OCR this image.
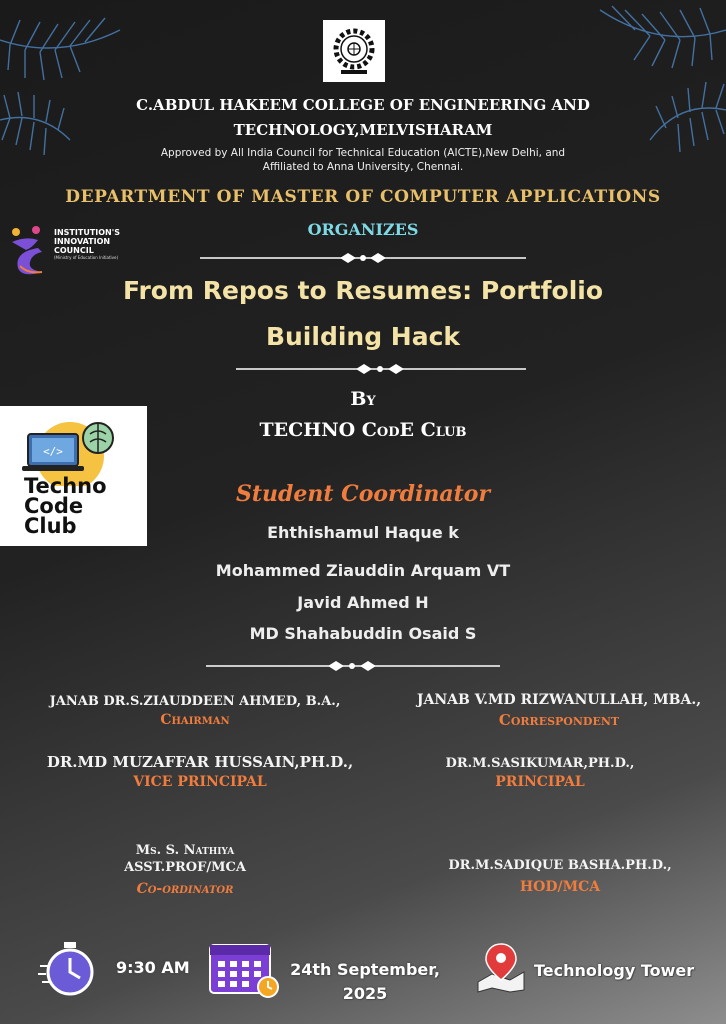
C.ABDUL HAKEEM COLLEGE OF ENGINEERING AND
TECHNOLOGY,MELVISHARAM
Approved by All India Council for Technical Education (AICTE),New Delhi, and
Affiliated to Anna University, Chennai.
DEPARTMENT OF MASTER OF COMPUTER APPLICATIONS
INSTITUTION'S
INNOVATION
COUNCIL
(Ministry of Education Initiative)
ORGANIZES
From Repos to Resumes: Portfolio
Building Hack
By
TECHNO CodE Club
</>
Techno
Code
Club
Student Coordinator
Ehthishamul Haque k
Mohammed Ziauddin Arquam VT
Javid Ahmed H
MD Shahabuddin Osaid S
JANAB DR.S.ZIAUDDEEN AHMED, B.A.,
Chairman
JANAB V.MD RIZWANULLAH, MBA.,
Correspondent
DR.MD MUZAFFAR HUSSAIN,PH.D.,
VICE PRINCIPAL
DR.M.SASIKUMAR,PH.D.,
PRINCIPAL
Ms. S. Nathiya
ASST.PROF/MCA
Co-ordinator
DR.M.SADIQUE BASHA.PH.D.,
HOD/MCA
9:30 AM	24th September,
2025
Technology Tower
